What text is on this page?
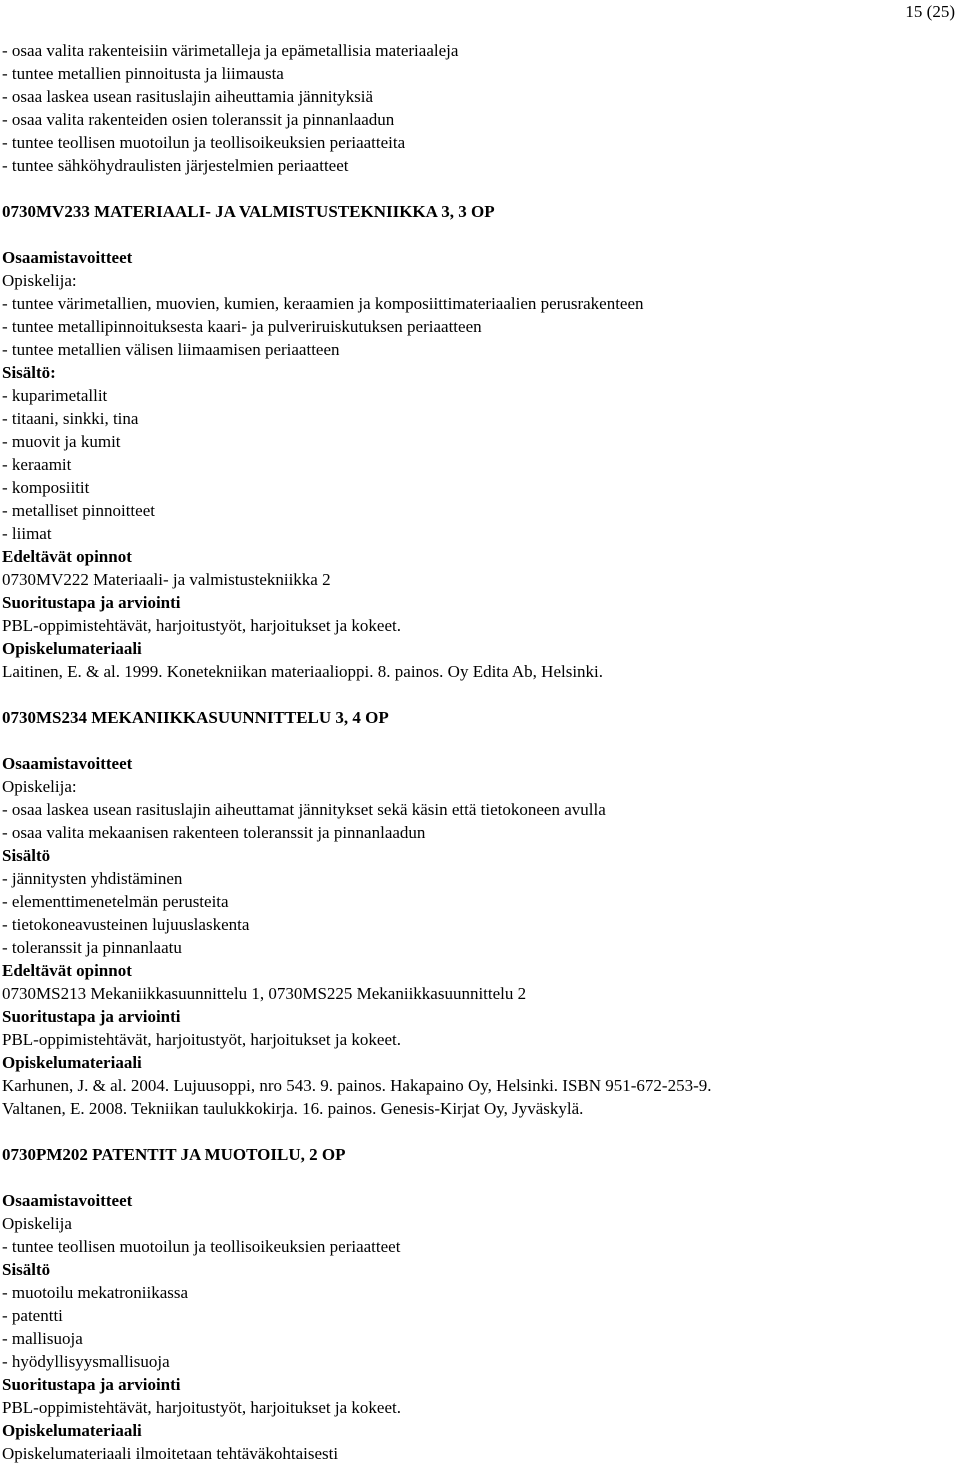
15 (25)
- osaa valita rakenteisiin värimetalleja ja epämetallisia materiaaleja
- tuntee metallien pinnoitusta ja liimausta
- osaa laskea usean rasituslajin aiheuttamia jännityksiä
- osaa valita rakenteiden osien toleranssit ja pinnanlaadun
- tuntee teollisen muotoilun ja teollisoikeuksien periaatteita
- tuntee sähköhydraulisten järjestelmien periaatteet
0730MV233 MATERIAALI- JA VALMISTUSTEKNIIKKA 3, 3 OP
Osaamistavoitteet
Opiskelija:
- tuntee värimetallien, muovien, kumien, keraamien ja komposiittimateriaalien perusrakenteen
- tuntee metallipinnoituksesta kaari- ja pulveriruiskutuksen periaatteen
- tuntee metallien välisen liimaamisen periaatteen
Sisältö:
- kuparimetallit
- titaani, sinkki, tina
- muovit ja kumit
- keraamit
- komposiitit
- metalliset pinnoitteet
- liimat
Edeltävät opinnot
0730MV222 Materiaali- ja valmistustekniikka 2
Suoritustapa ja arviointi
PBL-oppimistehtävät, harjoitustyöt, harjoitukset ja kokeet.
Opiskelumateriaali
Laitinen, E. & al. 1999. Konetekniikan materiaalioppi. 8. painos. Oy Edita Ab, Helsinki.
0730MS234 MEKANIIKKASUUNNITTELU 3, 4 OP
Osaamistavoitteet
Opiskelija:
- osaa laskea usean rasituslajin aiheuttamat jännitykset sekä käsin että tietokoneen avulla
- osaa valita mekaanisen rakenteen toleranssit ja pinnanlaadun
Sisältö
- jännitysten yhdistäminen
- elementtimenetelmän perusteita
- tietokoneavusteinen lujuuslaskenta
- toleranssit ja pinnanlaatu
Edeltävät opinnot
0730MS213 Mekaniikkasuunnittelu 1, 0730MS225 Mekaniikkasuunnittelu 2
Suoritustapa ja arviointi
PBL-oppimistehtävät, harjoitustyöt, harjoitukset ja kokeet.
Opiskelumateriaali
Karhunen, J. & al. 2004. Lujuusoppi, nro 543. 9. painos. Hakapaino Oy, Helsinki. ISBN 951-672-253-9.
Valtanen, E. 2008. Tekniikan taulukkokirja. 16. painos. Genesis-Kirjat Oy, Jyväskylä.
0730PM202 PATENTIT JA MUOTOILU, 2 OP
Osaamistavoitteet
Opiskelija
- tuntee teollisen muotoilun ja teollisoikeuksien periaatteet
Sisältö
- muotoilu mekatroniikassa
- patentti
- mallisuoja
- hyödyllisyysmallisuoja
Suoritustapa ja arviointi
PBL-oppimistehtävät, harjoitustyöt, harjoitukset ja kokeet.
Opiskelumateriaali
Opiskelumateriaali ilmoitetaan tehtäväkohtaisesti
